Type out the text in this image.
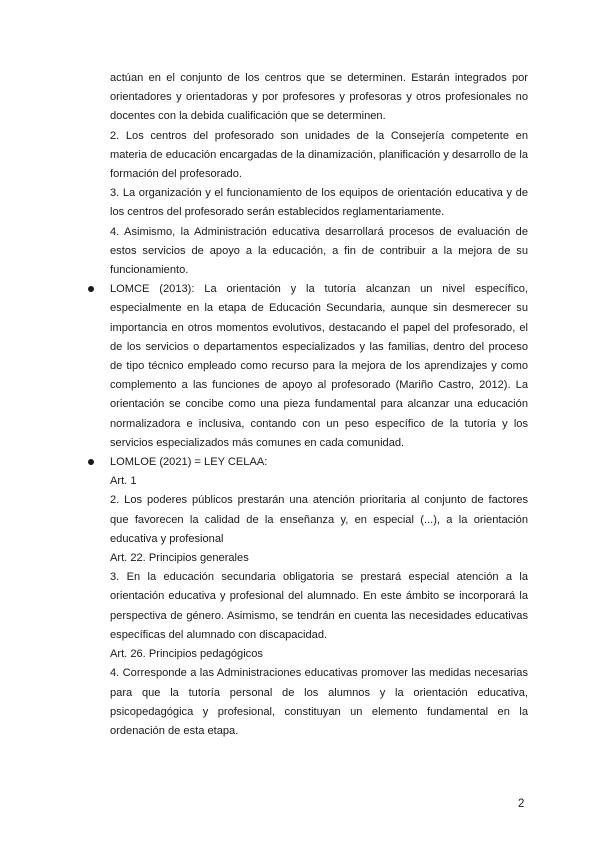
actúan en el conjunto de los centros que se determinen. Estarán integrados por orientadores y orientadoras y por profesores y profesoras y otros profesionales no docentes con la debida cualificación que se determinen.

2. Los centros del profesorado son unidades de la Consejería competente en materia de educación encargadas de la dinamización, planificación y desarrollo de la formación del profesorado.

3. La organización y el funcionamiento de los equipos de orientación educativa y de los centros del profesorado serán establecidos reglamentariamente.

4. Asimismo, la Administración educativa desarrollará procesos de evaluación de estos servicios de apoyo a la educación, a fin de contribuir a la mejora de su funcionamiento.

LOMCE (2013): La orientación y la tutoría alcanzan un nivel específico, especialmente en la etapa de Educación Secundaria, aunque sin desmerecer su importancia en otros momentos evolutivos, destacando el papel del profesorado, el de los servicios o departamentos especializados y las familias, dentro del proceso de tipo técnico empleado como recurso para la mejora de los aprendizajes y como complemento a las funciones de apoyo al profesorado (Mariño Castro, 2012). La orientación se concibe como una pieza fundamental para alcanzar una educación normalizadora e inclusiva, contando con un peso específico de la tutoría y los servicios especializados más comunes en cada comunidad.

LOMLOE (2021) = LEY CELAA:

Art. 1

2. Los poderes públicos prestarán una atención prioritaria al conjunto de factores que favorecen la calidad de la enseñanza y, en especial (...), a la orientación educativa y profesional

Art. 22. Principios generales

3. En la educación secundaria obligatoria se prestará especial atención a la orientación educativa y profesional del alumnado. En este ámbito se incorporará la perspectiva de género. Asimismo, se tendrán en cuenta las necesidades educativas específicas del alumnado con discapacidad.

Art. 26. Principios pedagógicos

4. Corresponde a las Administraciones educativas promover las medidas necesarias para que la tutoría personal de los alumnos y la orientación educativa, psicopedagógica y profesional, constituyan un elemento fundamental en la ordenación de esta etapa.

2
